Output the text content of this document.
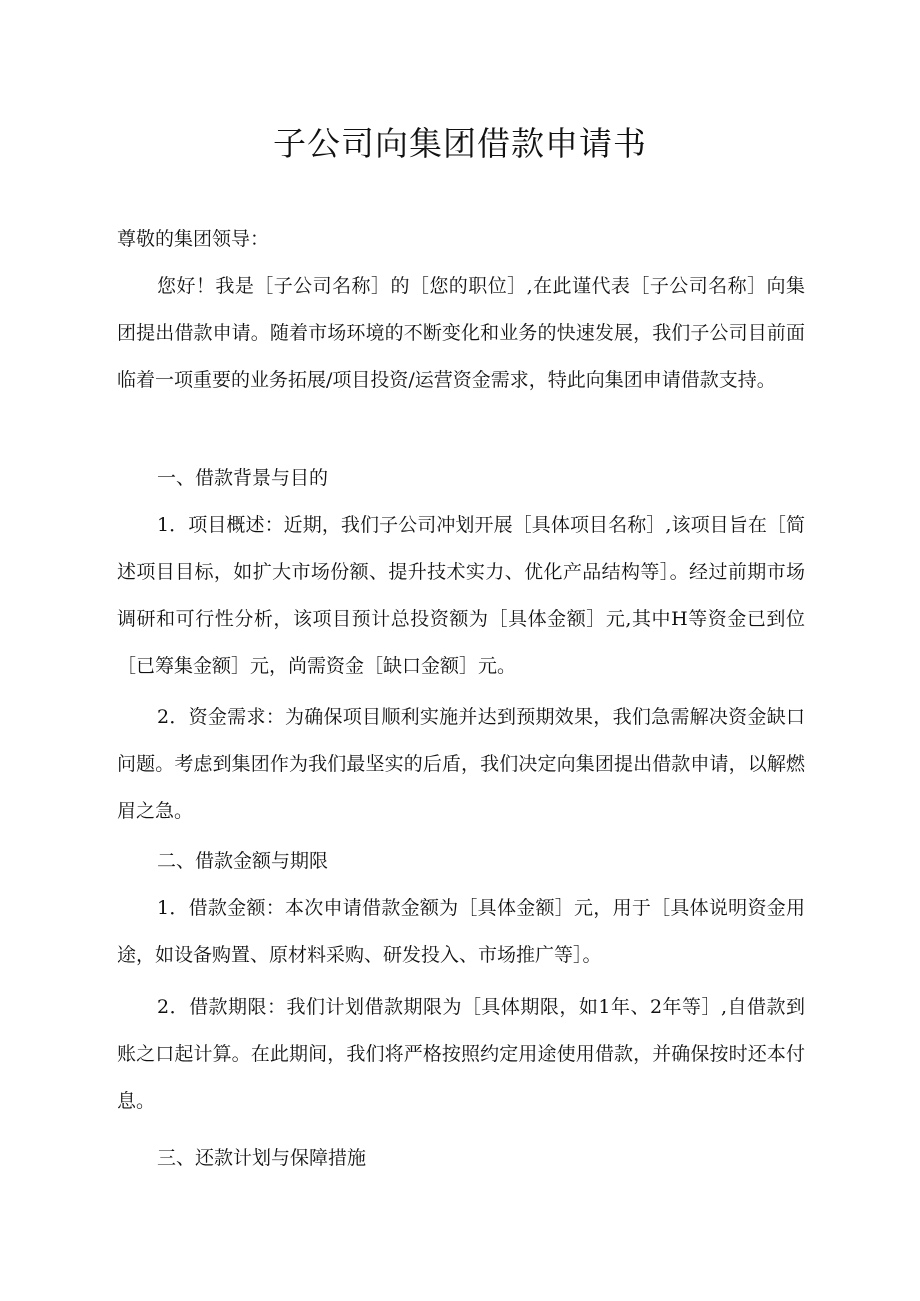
子公司向集团借款申请书

尊敬的集团领导：

您好！我是［子公司名称］的［您的职位］,在此谨代表［子公司名称］向集团提出借款申请。随着市场环境的不断变化和业务的快速发展，我们子公司目前面临着一项重要的业务拓展/项目投资/运营资金需求，特此向集团申请借款支持。

一、借款背景与目的

1．项目概述：近期，我们子公司冲划开展［具体项目名称］,该项目旨在［简述项目目标，如扩大市场份额、提升技术实力、优化产品结构等］。经过前期市场调研和可行性分析，该项目预计总投资额为［具体金额］元,其中H等资金已到位［已筹集金额］元，尚需资金［缺口金额］元。

2．资金需求：为确保项目顺利实施并达到预期效果，我们急需解决资金缺口问题。考虑到集团作为我们最坚实的后盾，我们决定向集团提出借款申请，以解燃眉之急。

二、借款金额与期限

1．借款金额：本次申请借款金额为［具体金额］元，用于［具体说明资金用途，如设备购置、原材料采购、研发投入、市场推广等］。

2．借款期限：我们计划借款期限为［具体期限，如1年、2年等］,自借款到账之口起计算。在此期间，我们将严格按照约定用途使用借款，并确保按时还本付息。

三、还款计划与保障措施
